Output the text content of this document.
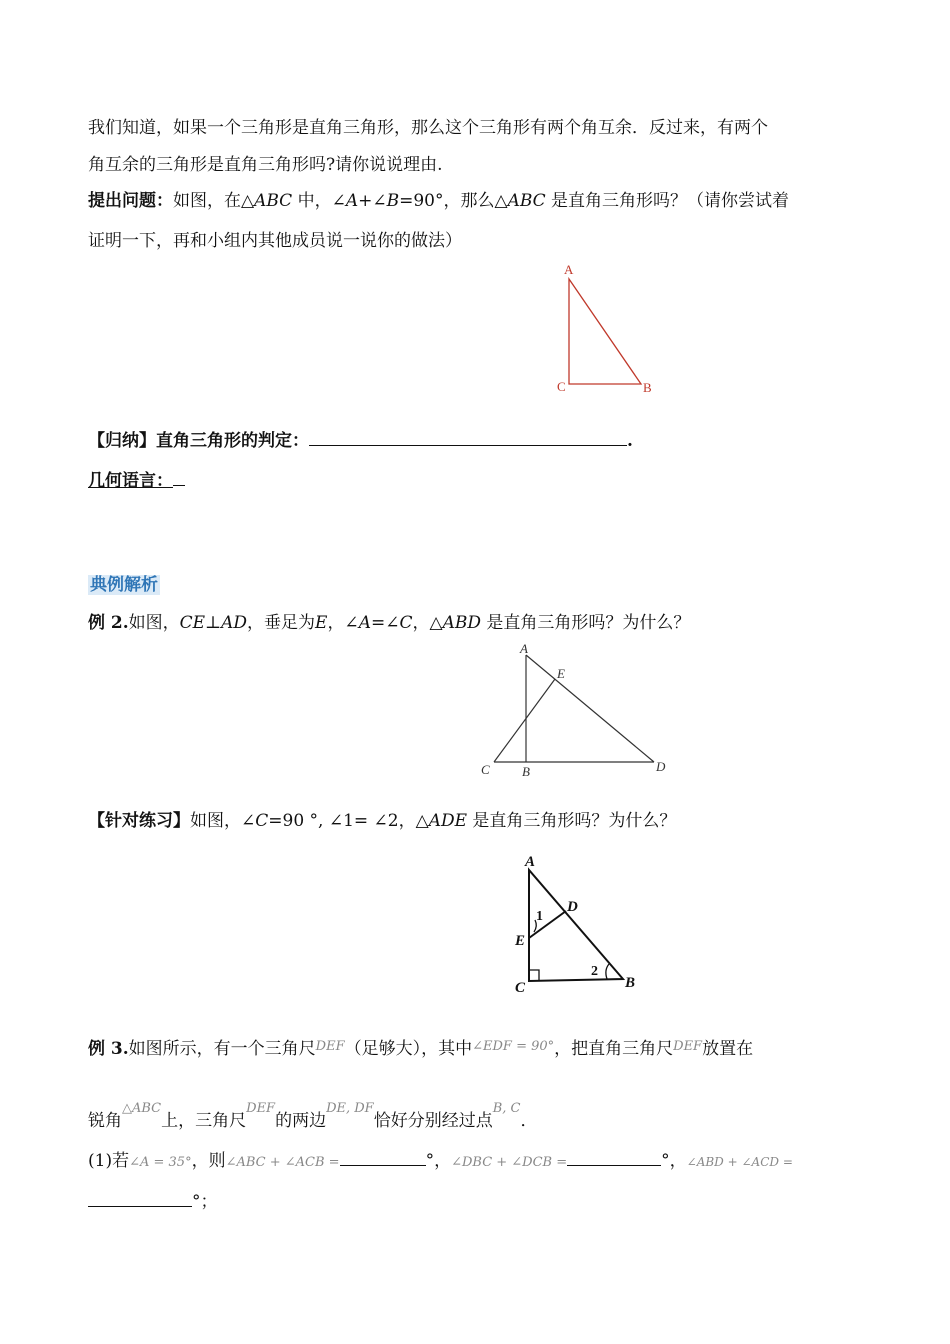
我们知道，如果一个三角形是直角三角形，那么这个三角形有两个角互余．反过来，有两个
角互余的三角形是直角三角形吗?请你说说理由.
提出问题：如图，在△ABC 中，∠A+∠B=90°，那么△ABC 是直角三角形吗？（请你尝试着
证明一下，再和小组内其他成员说一说你的做法）
A
C	B
【归纳】直角三角形的判定：	.
几何语言：
典例解析
例 2.如图，CE⊥AD，垂足为E，∠A=∠C，△ABD 是直角三角形吗？为什么？
A
E
C B	D
【针对练习】如图，∠C=90 °, ∠1= ∠2，△ADE 是直角三角形吗？为什么？
A
D
1
E
2
C	B
例 3.如图所示，有一个三角尺$^{DEF}$（足够大），其中$^{\angle EDF = 90^\circ}$，把直角三角尺$^{DEF}$放置在
锐角$^{\triangle ABC}$上，三角尺$^{DEF}$的两边$^{DE, DF}$恰好分别经过点$^{B, C}$．
(1)若∠A = 35°，则∠ABC + ∠ACB =	°，∠DBC + ∠DCB =	°，∠ABD + ∠ACD =
°；
